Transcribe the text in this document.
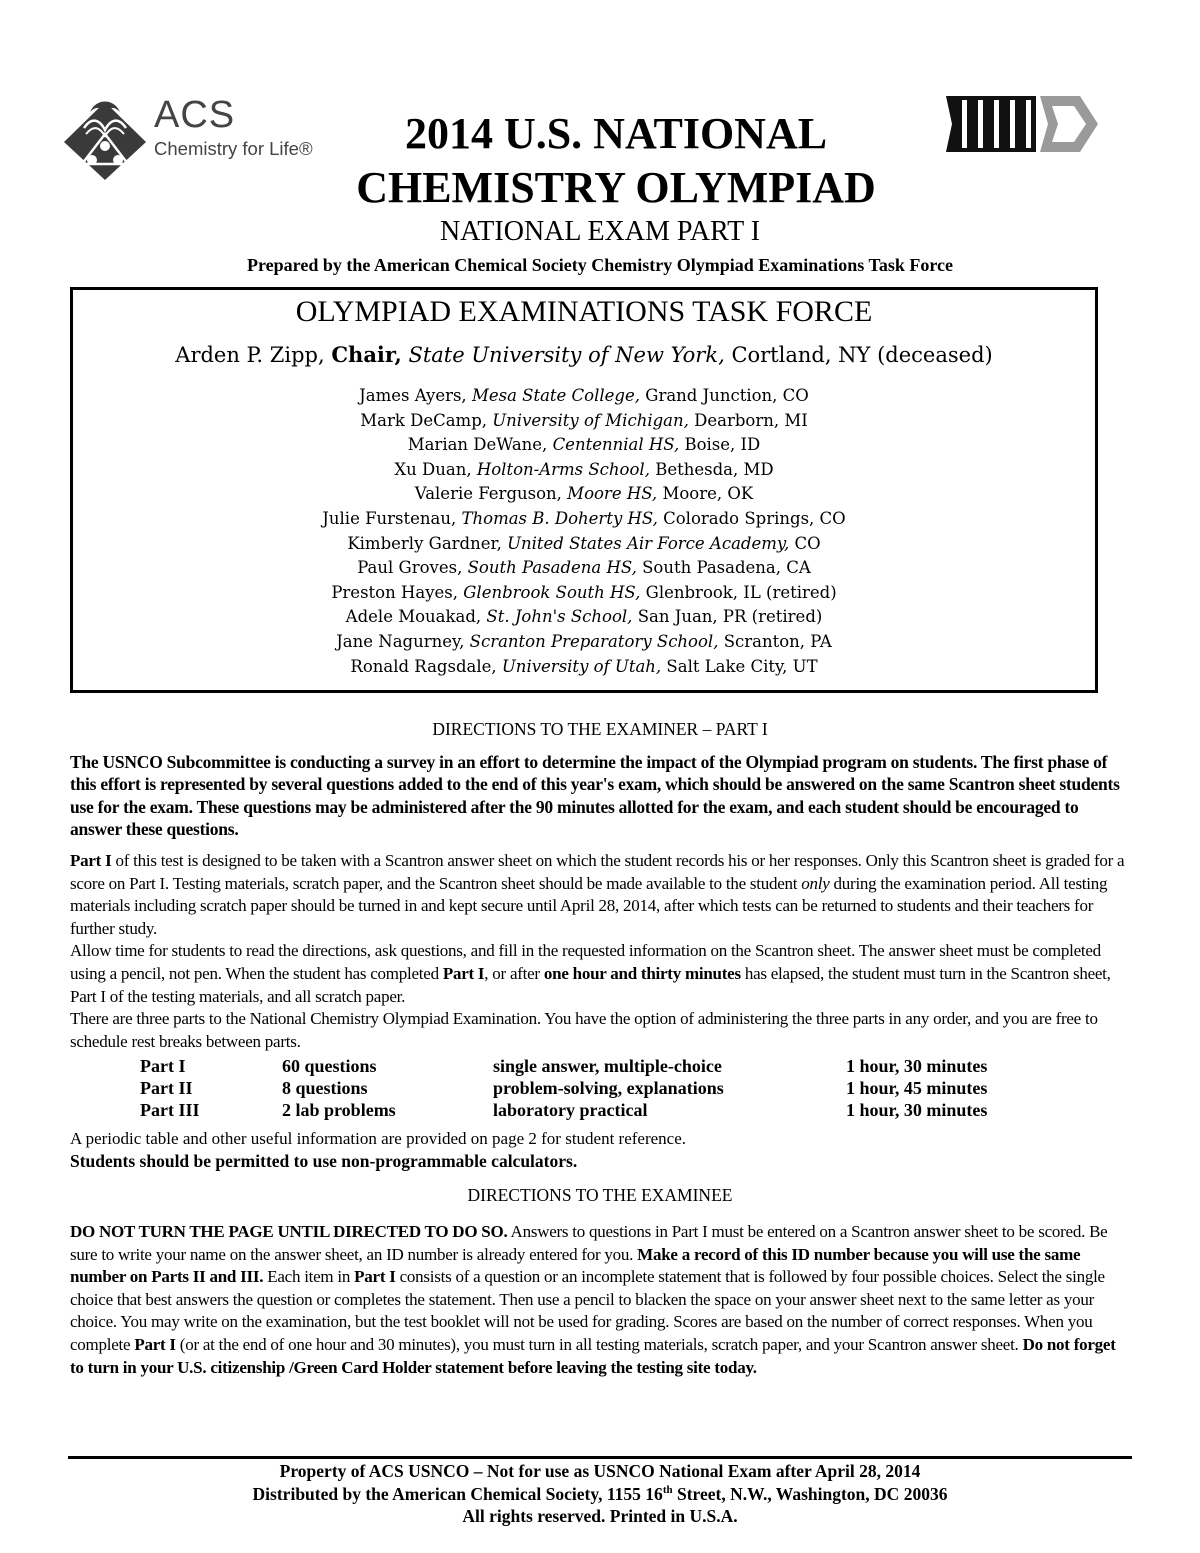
ACS
Chemistry for Life®	2014 U.S. NATIONAL
CHEMISTRY OLYMPIAD
NATIONAL EXAM PART I
Prepared by the American Chemical Society Chemistry Olympiad Examinations Task Force
OLYMPIAD EXAMINATIONS TASK FORCE
Arden P. Zipp, Chair, State University of New York, Cortland, NY (deceased)
James Ayers, Mesa State College, Grand Junction, CO
Mark DeCamp, University of Michigan, Dearborn, MI
Marian DeWane, Centennial HS, Boise, ID
Xu Duan, Holton-Arms School, Bethesda, MD
Valerie Ferguson, Moore HS, Moore, OK
Julie Furstenau, Thomas B. Doherty HS, Colorado Springs, CO
Kimberly Gardner, United States Air Force Academy, CO
Paul Groves, South Pasadena HS, South Pasadena, CA
Preston Hayes, Glenbrook South HS, Glenbrook, IL (retired)
Adele Mouakad, St. John's School, San Juan, PR (retired)
Jane Nagurney, Scranton Preparatory School, Scranton, PA
Ronald Ragsdale, University of Utah, Salt Lake City, UT
DIRECTIONS TO THE EXAMINER – PART I
The USNCO Subcommittee is conducting a survey in an effort to determine the impact of the Olympiad program on students. The first phase of this effort is represented by several questions added to the end of this year's exam, which should be answered on the same Scantron sheet students use for the exam. These questions may be administered after the 90 minutes allotted for the exam, and each student should be encouraged to answer these questions.
Part I of this test is designed to be taken with a Scantron answer sheet on which the student records his or her responses. Only this Scantron sheet is graded for a score on Part I. Testing materials, scratch paper, and the Scantron sheet should be made available to the student only during the examination period. All testing materials including scratch paper should be turned in and kept secure until April 28, 2014, after which tests can be returned to students and their teachers for further study.
Allow time for students to read the directions, ask questions, and fill in the requested information on the Scantron sheet. The answer sheet must be completed using a pencil, not pen. When the student has completed Part I, or after one hour and thirty minutes has elapsed, the student must turn in the Scantron sheet, Part I of the testing materials, and all scratch paper.
There are three parts to the National Chemistry Olympiad Examination. You have the option of administering the three parts in any order, and you are free to schedule rest breaks between parts.
Part I	60 questions	single answer, multiple-choice	1 hour, 30 minutes
Part II	8 questions	problem-solving, explanations	1 hour, 45 minutes
Part III	2 lab problems	laboratory practical	1 hour, 30 minutes
A periodic table and other useful information are provided on page 2 for student reference.
Students should be permitted to use non-programmable calculators.
DIRECTIONS TO THE EXAMINEE
DO NOT TURN THE PAGE UNTIL DIRECTED TO DO SO. Answers to questions in Part I must be entered on a Scantron answer sheet to be scored. Be sure to write your name on the answer sheet, an ID number is already entered for you. Make a record of this ID number because you will use the same number on Parts II and III. Each item in Part I consists of a question or an incomplete statement that is followed by four possible choices. Select the single choice that best answers the question or completes the statement. Then use a pencil to blacken the space on your answer sheet next to the same letter as your choice. You may write on the examination, but the test booklet will not be used for grading. Scores are based on the number of correct responses. When you complete Part I (or at the end of one hour and 30 minutes), you must turn in all testing materials, scratch paper, and your Scantron answer sheet. Do not forget to turn in your U.S. citizenship /Green Card Holder statement before leaving the testing site today.
Property of ACS USNCO – Not for use as USNCO National Exam after April 28, 2014
Distributed by the American Chemical Society, 1155 16th Street, N.W., Washington, DC 20036
All rights reserved. Printed in U.S.A.
